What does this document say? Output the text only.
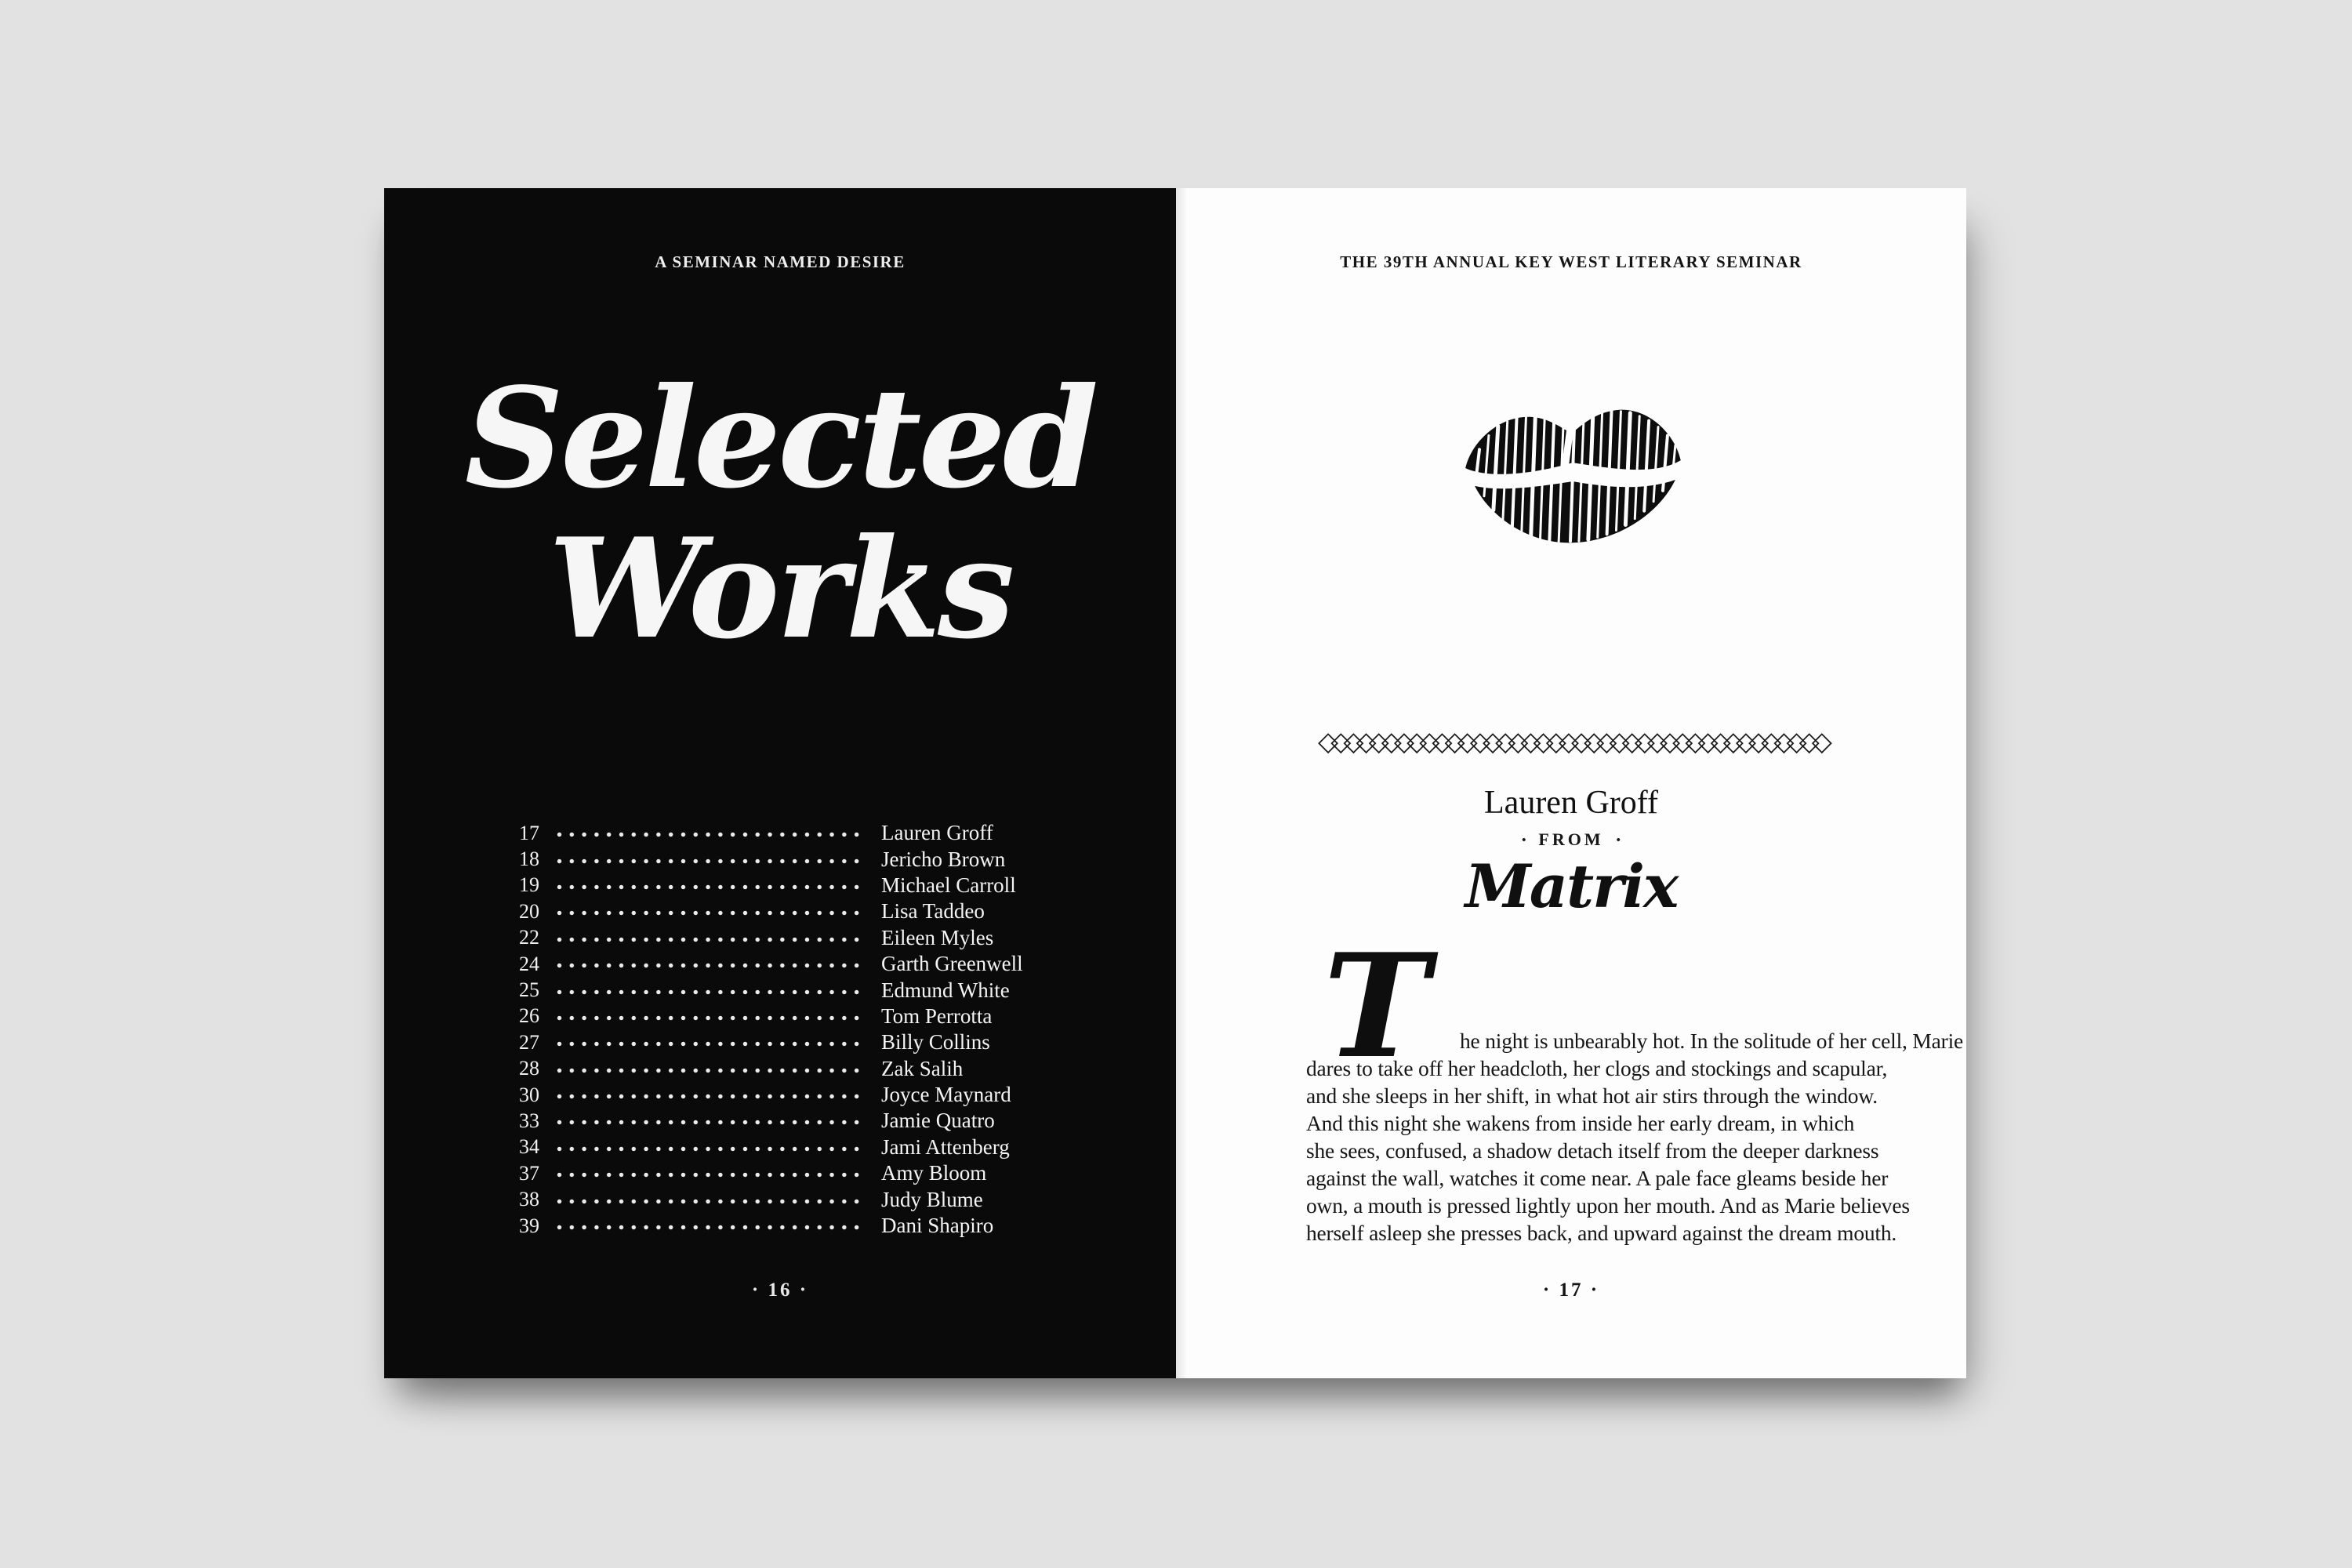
A SEMINAR NAMED DESIRE
Selected
Works
17	Lauren Groff
18	Jericho Brown
19	Michael Carroll
20	Lisa Taddeo
22	Eileen Myles
24	Garth Greenwell
25	Edmund White
26	Tom Perrotta
27	Billy Collins
28	Zak Salih
30	Joyce Maynard
33	Jamie Quatro
34	Jami Attenberg
37	Amy Bloom
38	Judy Blume
39	Dani Shapiro
· 16 ·
THE 39TH ANNUAL KEY WEST LITERARY SEMINAR
◇◇◇◇◇◇◇◇◇◇◇◇◇◇◇◇◇◇◇◇◇◇◇◇◇◇◇◇◇◇◇◇◇◇◇◇◇◇◇◇
Lauren Groff
• FROM •
Matrix
T	he night is unbearably hot. In the solitude of her cell, Marie
dares to take off her headcloth, her clogs and stockings and scapular,
and she sleeps in her shift, in what hot air stirs through the window.
And this night she wakens from inside her early dream, in which
she sees, confused, a shadow detach itself from the deeper darkness
against the wall, watches it come near. A pale face gleams beside her
own, a mouth is pressed lightly upon her mouth. And as Marie believes
herself asleep she presses back, and upward against the dream mouth.
· 17 ·
